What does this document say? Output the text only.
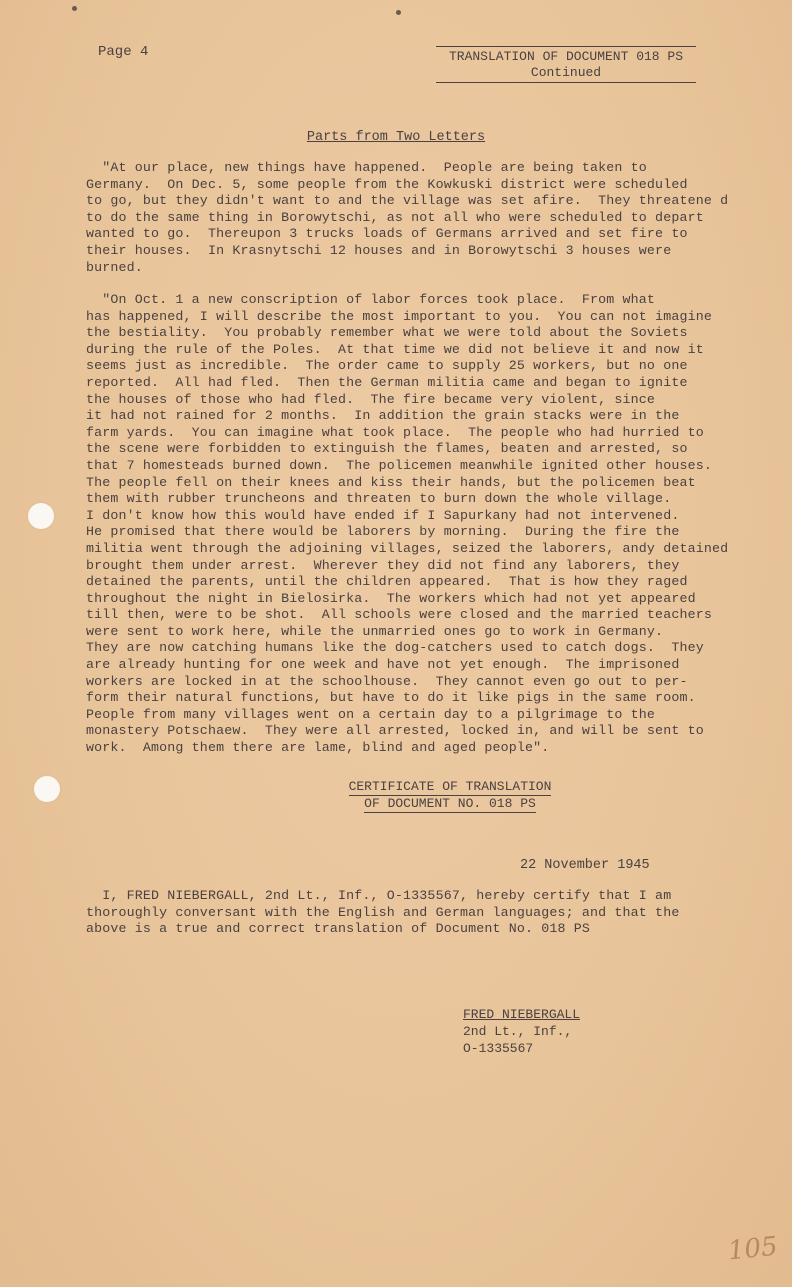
Page 4	TRANSLATION OF DOCUMENT 018 PS
Continued
Parts from Two Letters

"At our place, new things have happened.  People are being taken to

Germany.  On Dec. 5, some people from the Kowkuski district were scheduled

to go, but they didn't want to and the village was set afire.  They threatene d

to do the same thing in Borowytschi, as not all who were scheduled to depart

wanted to go.  Thereupon 3 trucks loads of Germans arrived and set fire to

their houses.  In Krasnytschi 12 houses and in Borowytschi 3 houses were

burned.

"On Oct. 1 a new conscription of labor forces took place.  From what

has happened, I will describe the most important to you.  You can not imagine

the bestiality.  You probably remember what we were told about the Soviets

during the rule of the Poles.  At that time we did not believe it and now it

seems just as incredible.  The order came to supply 25 workers, but no one

reported.  All had fled.  Then the German militia came and began to ignite

the houses of those who had fled.  The fire became very violent, since

it had not rained for 2 months.  In addition the grain stacks were in the

farm yards.  You can imagine what took place.  The people who had hurried to

the scene were forbidden to extinguish the flames, beaten and arrested, so

that 7 homesteads burned down.  The policemen meanwhile ignited other houses.

The people fell on their knees and kiss their hands, but the policemen beat

them with rubber truncheons and threaten to burn down the whole village.

I don't know how this would have ended if I Sapurkany had not intervened.

He promised that there would be laborers by morning.  During the fire the

militia went through the adjoining villages, seized the laborers, andy detained

brought them under arrest.  Wherever they did not find any laborers, they

detained the parents, until the children appeared.  That is how they raged

throughout the night in Bielosirka.  The workers which had not yet appeared

till then, were to be shot.  All schools were closed and the married teachers

were sent to work here, while the unmarried ones go to work in Germany.

They are now catching humans like the dog-catchers used to catch dogs.  They

are already hunting for one week and have not yet enough.  The imprisoned

workers are locked in at the schoolhouse.  They cannot even go out to per-

form their natural functions, but have to do it like pigs in the same room.

People from many villages went on a certain day to a pilgrimage to the

monastery Potschaew.  They were all arrested, locked in, and will be sent to

work.  Among them there are lame, blind and aged people".

CERTIFICATE OF TRANSLATION
OF DOCUMENT NO. 018 PS
22 November 1945

I, FRED NIEBERGALL, 2nd Lt., Inf., O-1335567, hereby certify that I am

thoroughly conversant with the English and German languages; and that the

above is a true and correct translation of Document No. 018 PS

FRED NIEBERGALL

2nd Lt., Inf.,

O-1335567

105
